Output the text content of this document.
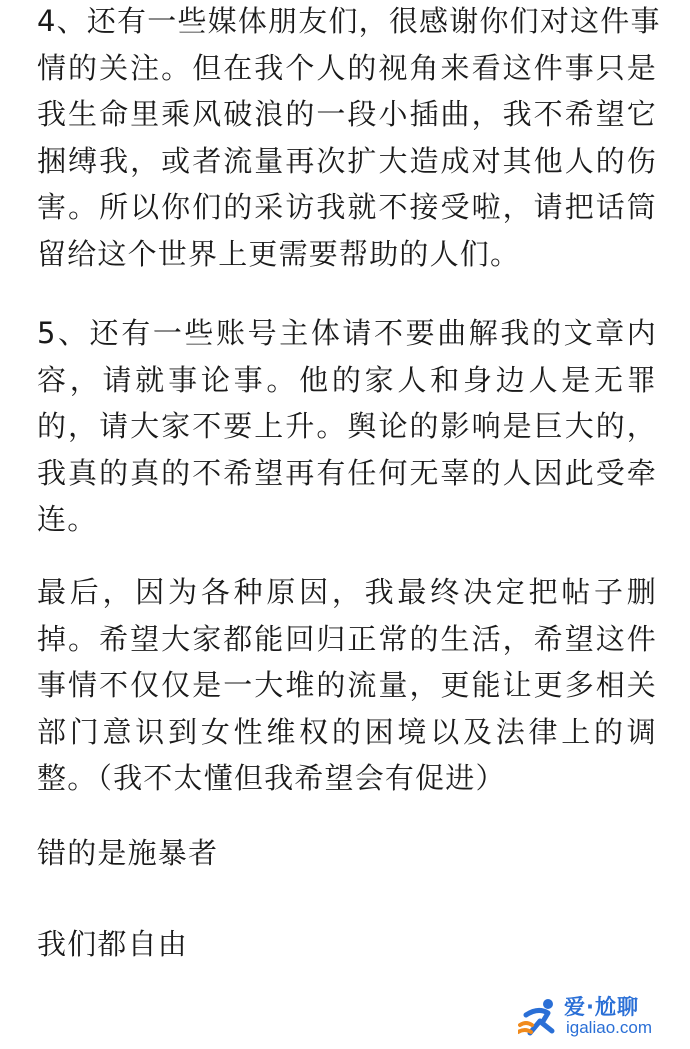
4、还有一些媒体朋友们，很感谢你们对这件事
情的关注。但在我个人的视角来看这件事只是
我生命里乘风破浪的一段小插曲，我不希望它
捆缚我，或者流量再次扩大造成对其他人的伤
害。所以你们的采访我就不接受啦，请把话筒
留给这个世界上更需要帮助的人们。

5、还有一些账号主体请不要曲解我的文章内
容，请就事论事。他的家人和身边人是无罪
的，请大家不要上升。舆论的影响是巨大的，
我真的真的不希望再有任何无辜的人因此受牵
连。

最后，因为各种原因，我最终决定把帖子删
掉。希望大家都能回归正常的生活，希望这件
事情不仅仅是一大堆的流量，更能让更多相关
部门意识到女性维权的困境以及法律上的调
整。（我不太懂但我希望会有促进）

错的是施暴者

我们都自由

爱·尬聊
igaliao.com
